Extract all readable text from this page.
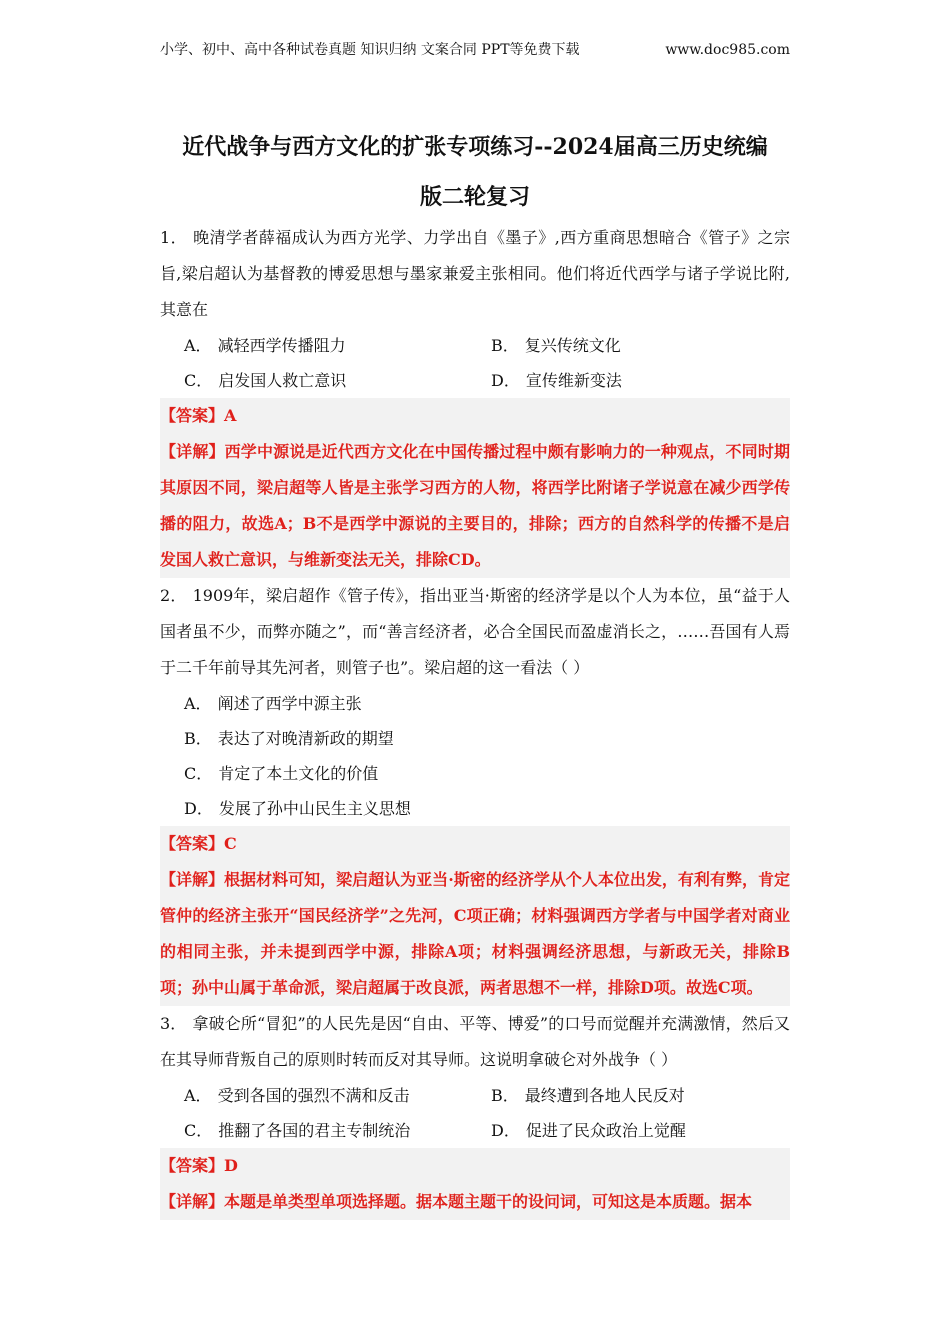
小学、初中、高中各种试卷真题 知识归纳 文案合同 PPT等免费下载	www.doc985.com
近代战争与西方文化的扩张专项练习--2024届高三历史统编
版二轮复习
1． 晚清学者薛福成认为西方光学、力学出自《墨子》,西方重商思想暗合《管子》之宗旨,梁启超认为基督教的博爱思想与墨家兼爱主张相同。他们将近代西学与诸子学说比附,其意在
A． 减轻西学传播阻力	B． 复兴传统文化
C． 启发国人救亡意识	D． 宣传维新变法
【答案】A
【详解】西学中源说是近代西方文化在中国传播过程中颇有影响力的一种观点，不同时期其原因不同，梁启超等人皆是主张学习西方的人物，将西学比附诸子学说意在减少西学传播的阻力，故选A；B不是西学中源说的主要目的，排除；西方的自然科学的传播不是启发国人救亡意识，与维新变法无关，排除CD。
2． 1909年，梁启超作《管子传》，指出亚当·斯密的经济学是以个人为本位，虽“益于人国者虽不少，而弊亦随之”，而“善言经济者，必合全国民而盈虚消长之，……吾国有人焉于二千年前导其先河者，则管子也”。梁启超的这一看法（ ）
A． 阐述了西学中源主张
B． 表达了对晚清新政的期望
C． 肯定了本土文化的价值
D． 发展了孙中山民生主义思想
【答案】C
【详解】根据材料可知，梁启超认为亚当·斯密的经济学从个人本位出发，有利有弊，肯定管仲的经济主张开“国民经济学”之先河，C项正确；材料强调西方学者与中国学者对商业的相同主张，并未提到西学中源，排除A项；材料强调经济思想，与新政无关，排除B项；孙中山属于革命派，梁启超属于改良派，两者思想不一样，排除D项。故选C项。
3． 拿破仑所“冒犯”的人民先是因“自由、平等、博爱”的口号而觉醒并充满激情，然后又在其导师背叛自己的原则时转而反对其导师。这说明拿破仑对外战争（ ）
A． 受到各国的强烈不满和反击	B． 最终遭到各地人民反对
C． 推翻了各国的君主专制统治	D． 促进了民众政治上觉醒
【答案】D
【详解】本题是单类型单项选择题。据本题主题干的设问词，可知这是本质题。据本
